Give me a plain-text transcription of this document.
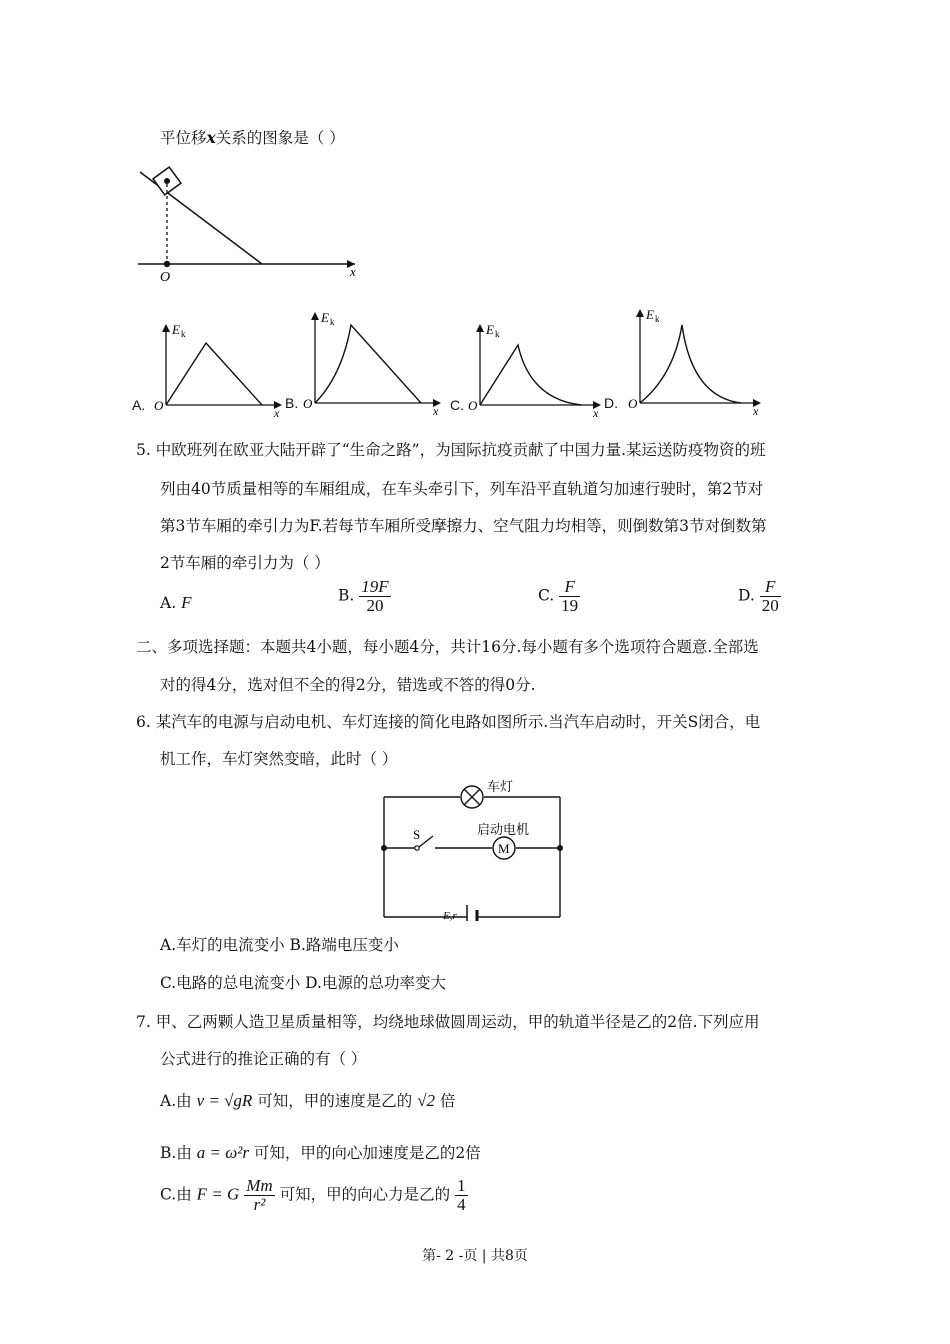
平位移x关系的图象是（ ）
O	x
A.
E k
O	x
B.
E k
O	x C.
E k
O	x
D.
E k
O	x
5. 中欧班列在欧亚大陆开辟了“生命之路”，为国际抗疫贡献了中国力量.某运送防疫物资的班
列由40节质量相等的车厢组成，在车头牵引下，列车沿平直轨道匀加速行驶时，第2节对
第3节车厢的牵引力为F.若每节车厢所受摩擦力、空气阻力均相等，则倒数第3节对倒数第
2节车厢的牵引力为（ ）
A. F	B. $\frac{19F}{20}$	C. $\frac{F}{19}$	D. $\frac{F}{20}$
二、多项选择题：本题共4小题，每小题4分，共计16分.每小题有多个选项符合题意.全部选
对的得4分，选对但不全的得2分，错选或不答的得0分.
6. 某汽车的电源与启动电机、车灯连接的简化电路如图所示.当汽车启动时，开关S闭合，电
机工作，车灯突然变暗，此时（ ）
车灯
S
M
启动电机
E,r
A.车灯的电流变小 B.路端电压变小
C.电路的总电流变小 D.电源的总功率变大
7. 甲、乙两颗人造卫星质量相等，均绕地球做圆周运动，甲的轨道半径是乙的2倍.下列应用
公式进行的推论正确的有（ ）
A.由 v = √gR 可知，甲的速度是乙的 √2 倍
B.由 a = ω²r 可知，甲的向心加速度是乙的2倍
C.由 F = G $\frac{Mm}{\text{r²}}$ 可知，甲的向心力是乙的 $\frac{1}{4}$
第- 2 -页 | 共8页
